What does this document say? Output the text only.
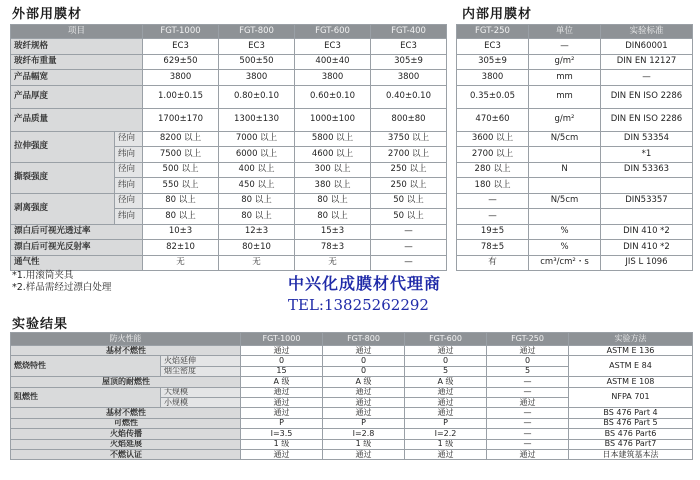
外部用膜材	内部用膜材
项目		FGT-1000	FGT-800	FGT-600	FGT-400
玻纤规格		EC3	EC3	EC3	EC3
玻纤布重量		629±50	500±50	400±40	305±9
产品幅宽		3800	3800	3800	3800
产品厚度		1.00±0.15	0.80±0.10	0.60±0.10	0.40±0.10
产品质量		1700±170	1300±130	1000±100	800±80
拉伸强度	径向	8200 以上	7000 以上	5800 以上	3750 以上
	纬向	7500 以上	6000 以上	4600 以上	2700 以上
撕裂强度	径向	500 以上	400 以上	300 以上	250 以上
	纬向	550 以上	450 以上	380 以上	250 以上
剥离强度	径向	80 以上	80 以上	80 以上	50 以上
	纬向	80 以上	80 以上	80 以上	50 以上
漂白后可视光透过率		10±3	12±3	15±3	—
漂白后可视光反射率		82±10	80±10	78±3	—
通气性		无	无	无	—
FGT-250	单位	实验标准
EC3	—	DIN60001
305±9	g/m²	DIN EN 12127
3800	mm	—
0.35±0.05	mm	DIN EN ISO 2286
470±60	g/m²	DIN EN ISO 2286
3600 以上	N/5cm	DIN 53354
2700 以上		*1
280 以上	N	DIN 53363
180 以上		
—	N/5cm	DIN53357
—		
19±5	%	DIN 410 *2
78±5	%	DIN 410 *2
有	cm³/cm²・s	JIS L 1096
*1.用滚筒夹具
*2.样品需经过漂白处理	中兴化成膜材代理商
TEL:13825262292
实验结果
防火性能		FGT-1000	FGT-800	FGT-600	FGT-250	实验方法
基材不燃性		通过	通过	通过	通过	ASTM E 136
燃烧特性	火焰延伸	0	0	0	0	ASTM E 84
	烟尘密度	15	0	5	5	
屋顶的耐燃性		A 级	A 级	A 级	—	ASTM E 108
阻燃性	大规模	通过	通过	通过	—	NFPA 701
	小规模	通过	通过	通过	通过	
基材不燃性		通过	通过	通过	—	BS 476 Part 4
可燃性		P	P	P	—	BS 476 Part 5
火焰传播		I=3.5	I=2.8	I=2.2	—	BS 476 Part6
火焰延展		1 级	1 级	1 级	—	BS 476 Part7
不燃认证		通过	通过	通过	通过	日本建筑基本法
